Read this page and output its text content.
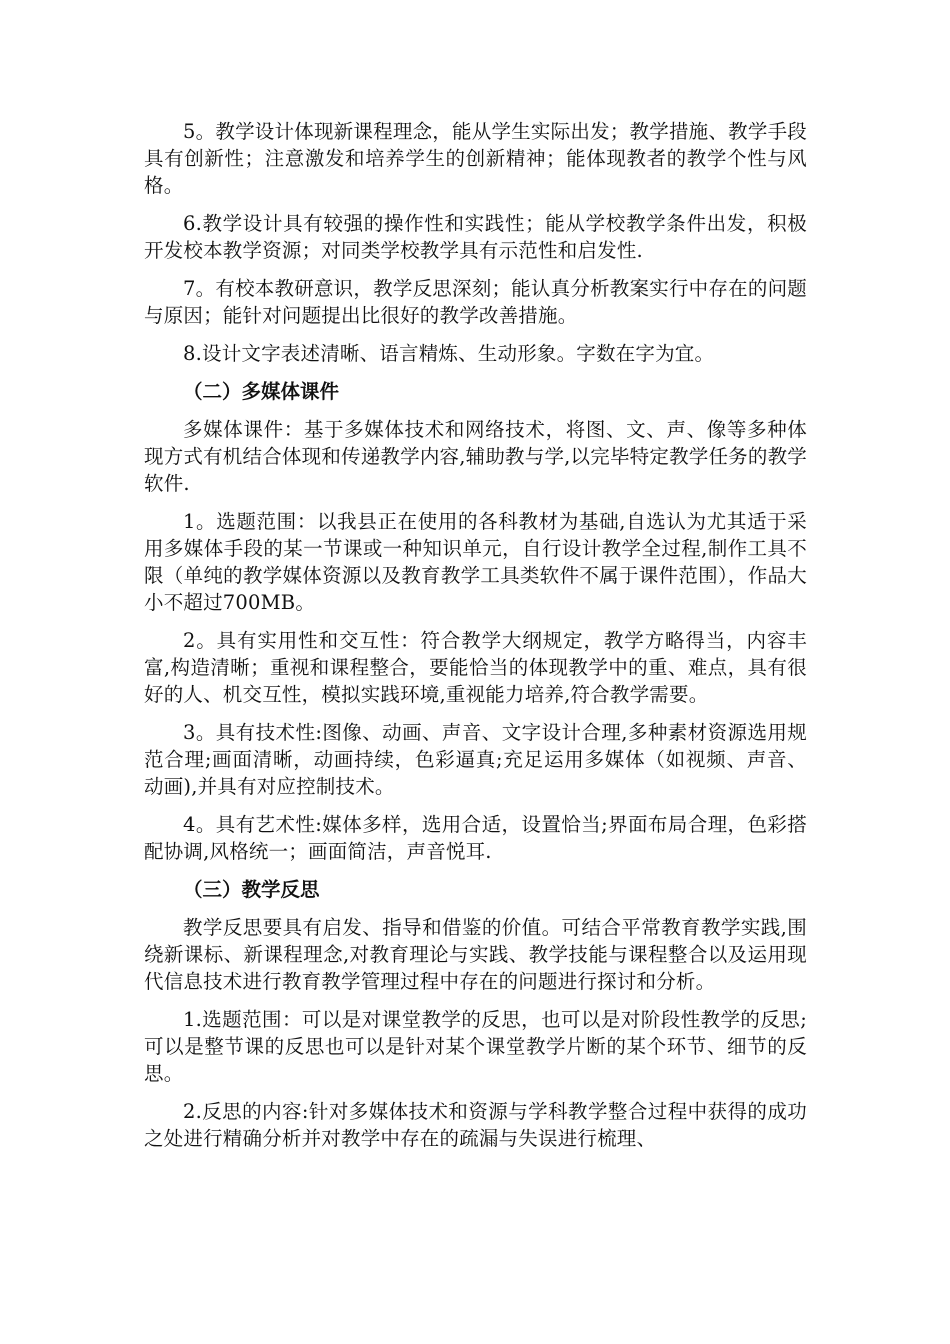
5。教学设计体现新课程理念，能从学生实际出发；教学措施、教学手段具有创新性；注意激发和培养学生的创新精神；能体现教者的教学个性与风格。

6.教学设计具有较强的操作性和实践性；能从学校教学条件出发，积极开发校本教学资源；对同类学校教学具有示范性和启发性.

7。有校本教研意识，教学反思深刻；能认真分析教案实行中存在的问题与原因；能针对问题提出比很好的教学改善措施。

8.设计文字表述清晰、语言精炼、生动形象。字数在字为宜。

（二）多媒体课件

多媒体课件：基于多媒体技术和网络技术，将图、文、声、像等多种体现方式有机结合体现和传递教学内容,辅助教与学,以完毕特定教学任务的教学软件.

1。选题范围：以我县正在使用的各科教材为基础,自选认为尤其适于采用多媒体手段的某一节课或一种知识单元，自行设计教学全过程,制作工具不限（单纯的教学媒体资源以及教育教学工具类软件不属于课件范围），作品大小不超过700MB。

2。具有实用性和交互性：符合教学大纲规定，教学方略得当，内容丰富,构造清晰；重视和课程整合，要能恰当的体现教学中的重、难点，具有很好的人、机交互性，模拟实践环境,重视能力培养,符合教学需要。

3。具有技术性:图像、动画、声音、文字设计合理,多种素材资源选用规范合理;画面清晰，动画持续，色彩逼真;充足运用多媒体（如视频、声音、动画),并具有对应控制技术。

4。具有艺术性:媒体多样，选用合适，设置恰当;界面布局合理，色彩搭配协调,风格统一；画面简洁，声音悦耳.

（三）教学反思

教学反思要具有启发、指导和借鉴的价值。可结合平常教育教学实践,围绕新课标、新课程理念,对教育理论与实践、教学技能与课程整合以及运用现代信息技术进行教育教学管理过程中存在的问题进行探讨和分析。

1.选题范围：可以是对课堂教学的反思，也可以是对阶段性教学的反思;可以是整节课的反思也可以是针对某个课堂教学片断的某个环节、细节的反思。

2.反思的内容:针对多媒体技术和资源与学科教学整合过程中获得的成功之处进行精确分析并对教学中存在的疏漏与失误进行梳理、
